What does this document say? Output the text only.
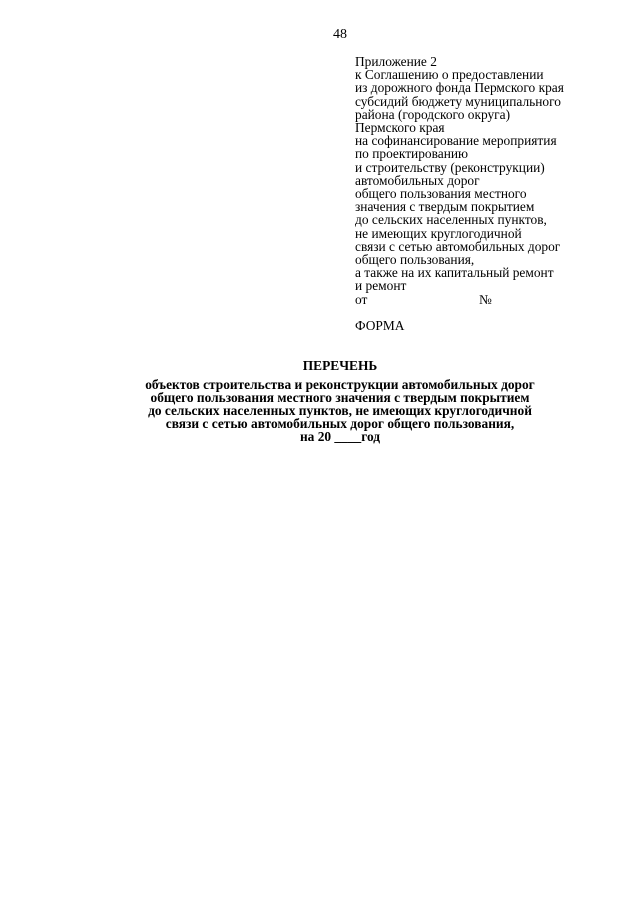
48
Приложение 2
к Соглашению о предоставлении
из дорожного фонда Пермского края
субсидий бюджету муниципального
района (городского округа)
Пермского края
на софинансирование мероприятия
по проектированию
и строительству (реконструкции)
автомобильных дорог
общего пользования местного
значения с твердым покрытием
до сельских населенных пунктов,
не имеющих круглогодичной
связи с сетью автомобильных дорог
общего пользования,
а также на их капитальный ремонт
и ремонт
от	№
ФОРМА
ПЕРЕЧЕНЬ
объектов строительства и реконструкции автомобильных дорог
общего пользования местного значения с твердым покрытием
до сельских населенных пунктов, не имеющих круглогодичной
связи с сетью автомобильных дорог общего пользования,
на 20 ____год
